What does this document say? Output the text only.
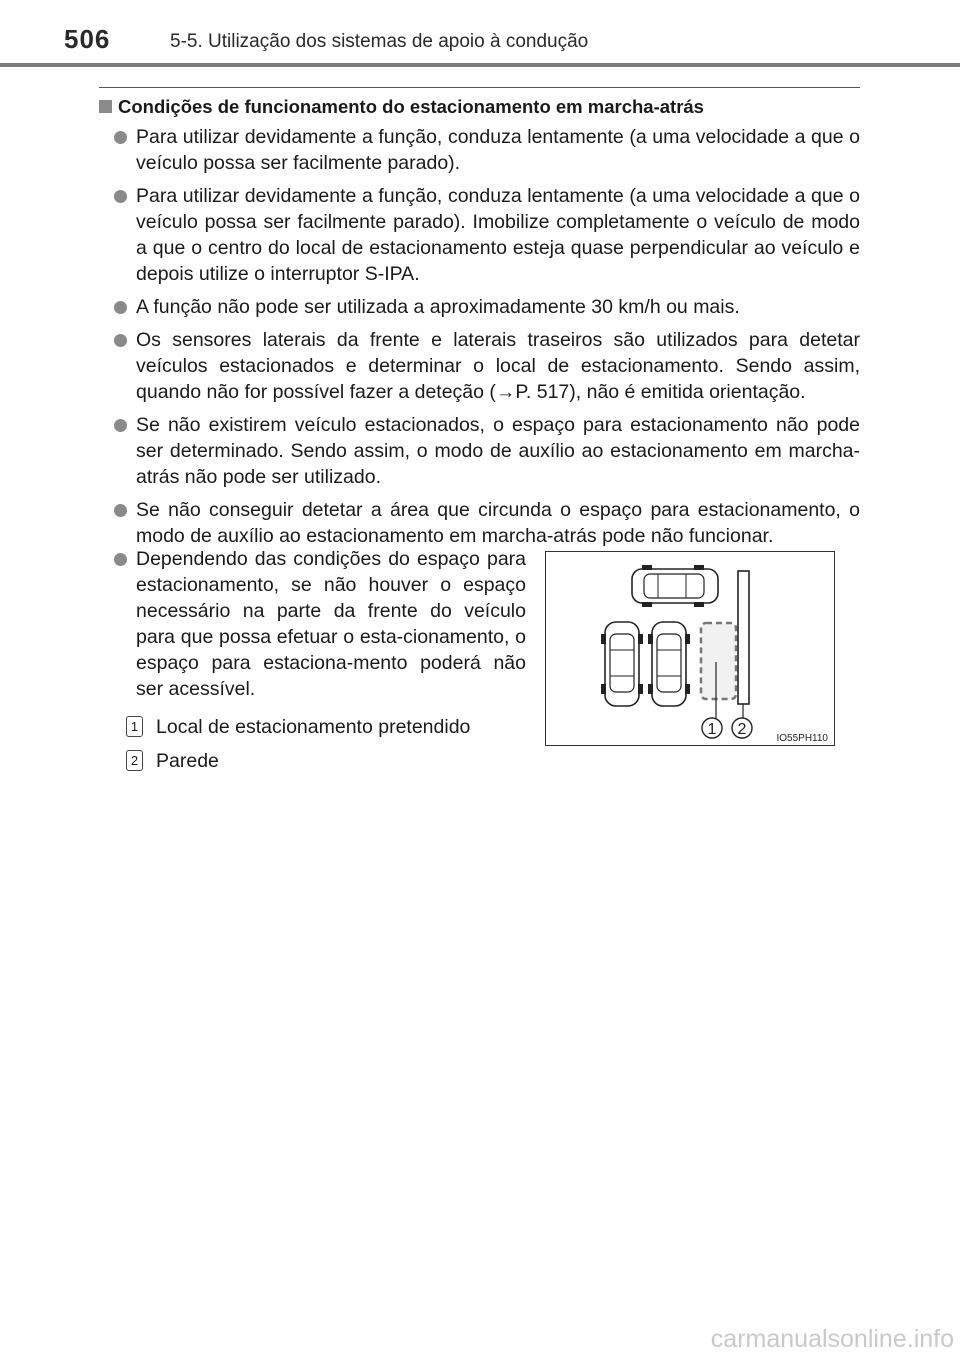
506	5-5. Utilização dos sistemas de apoio à condução
Condições de funcionamento do estacionamento em marcha-atrás
Para utilizar devidamente a função, conduza lentamente (a uma velocidade a que o veículo possa ser facilmente parado).
Para utilizar devidamente a função, conduza lentamente (a uma velocidade a que o veículo possa ser facilmente parado). Imobilize completamente o veículo de modo a que o centro do local de estacionamento esteja quase perpendicular ao veículo e depois utilize o interruptor S-IPA.
A função não pode ser utilizada a aproximadamente 30 km/h ou mais.
Os sensores laterais da frente e laterais traseiros são utilizados para detetar veículos estacionados e determinar o local de estacionamento. Sendo assim, quando não for possível fazer a deteção (→P. 517), não é emitida orientação.
Se não existirem veículo estacionados, o espaço para estacionamento não pode ser determinado. Sendo assim, o modo de auxílio ao estacionamento em marcha-atrás não pode ser utilizado.
Se não conseguir detetar a área que circunda o espaço para estacionamento, o modo de auxílio ao estacionamento em marcha-atrás pode não funcionar.
Dependendo das condições do espaço para estacionamento, se não houver o espaço necessário na parte da frente do veículo para que possa efetuar o esta-cionamento, o espaço para estaciona-mento poderá não ser acessível.
1 Local de estacionamento pretendido
2 Parede
1 2
IO55PH110
carmanualsonline.info
